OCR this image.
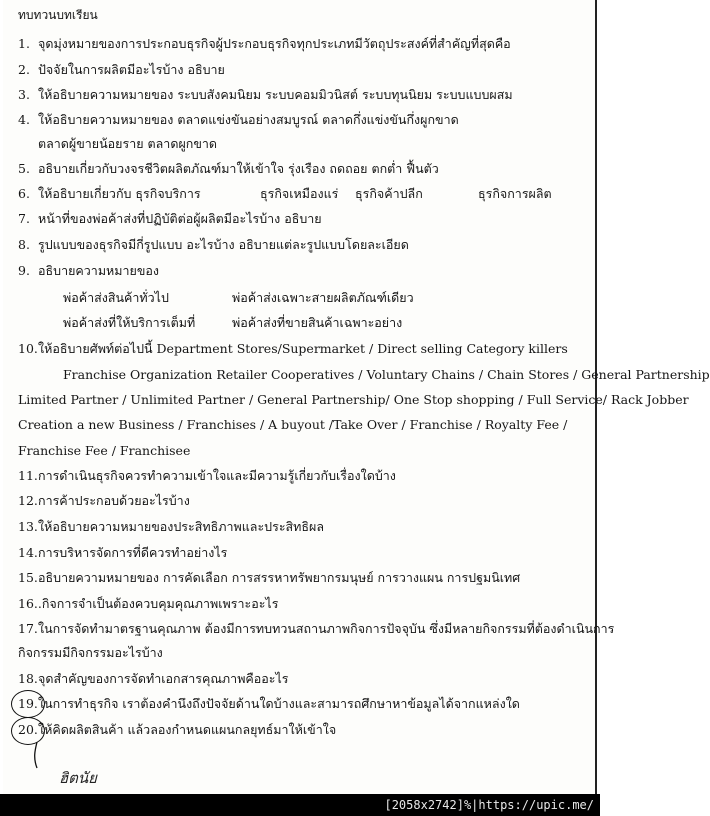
ทบทวนบทเรียน
1. จุดมุ่งหมายของการประกอบธุรกิจผู้ประกอบธุรกิจทุกประเภทมีวัตถุประสงค์ที่สำคัญที่สุดคือ
2. ปัจจัยในการผลิตมีอะไรบ้าง อธิบาย
3. ให้อธิบายความหมายของ ระบบสังคมนิยม ระบบคอมมิวนิสต์ ระบบทุนนิยม ระบบแบบผสม
4. ให้อธิบายความหมายของ ตลาดแข่งขันอย่างสมบูรณ์ ตลาดกึ่งแข่งขันกึ่งผูกขาด
ตลาดผู้ขายน้อยราย ตลาดผูกขาด
5. อธิบายเกี่ยวกับวงจรชีวิตผลิตภัณฑ์มาให้เข้าใจ รุ่งเรือง ถดถอย ตกต่ำ ฟื้นตัว
6. ให้อธิบายเกี่ยวกับ ธุรกิจบริการ	ธุรกิจเหมืองแร่ ธุรกิจค้าปลีก	ธุรกิจการผลิต
7. หน้าที่ของพ่อค้าส่งที่ปฏิบัติต่อผู้ผลิตมีอะไรบ้าง อธิบาย
8. รูปแบบของธุรกิจมีกี่รูปแบบ อะไรบ้าง อธิบายแต่ละรูปแบบโดยละเอียด
9. อธิบายความหมายของ
พ่อค้าส่งสินค้าทั่วไป	พ่อค้าส่งเฉพาะสายผลิตภัณฑ์เดียว
พ่อค้าส่งที่ให้บริการเต็มที่	พ่อค้าส่งที่ขายสินค้าเฉพาะอย่าง
10.ให้อธิบายศัพท์ต่อไปนี้ Department Stores/Supermarket / Direct selling Category killers
Franchise Organization Retailer Cooperatives / Voluntary Chains / Chain Stores / General Partnership
Limited Partner / Unlimited Partner / General Partnership/ One Stop shopping / Full Service/ Rack Jobber
Creation a new Business / Franchises / A buyout /Take Over / Franchise / Royalty Fee /
Franchise Fee / Franchisee
11.การดำเนินธุรกิจควรทำความเข้าใจและมีความรู้เกี่ยวกับเรื่องใดบ้าง
12.การค้าประกอบด้วยอะไรบ้าง
13.ให้อธิบายความหมายของประสิทธิภาพและประสิทธิผล
14.การบริหารจัดการที่ดีควรทำอย่างไร
15.อธิบายความหมายของ การคัดเลือก การสรรหาทรัพยากรมนุษย์ การวางแผน การปฐมนิเทศ
16..กิจการจำเป็นต้องควบคุมคุณภาพเพราะอะไร
17.ในการจัดทำมาตรฐานคุณภาพ ต้องมีการทบทวนสถานภาพกิจการปัจจุบัน ซึ่งมีหลายกิจกรรมที่ต้องดำเนินการ
กิจกรรมมีกิจกรรมอะไรบ้าง
18.จุดสำคัญของการจัดทำเอกสารคุณภาพคืออะไร
19.ในการทำธุรกิจ เราต้องคำนึงถึงปัจจัยด้านใดบ้างและสามารถศึกษาหาข้อมูลได้จากแหล่งใด
20.ให้คิดผลิตสินค้า แล้วลองกำหนดแผนกลยุทธ์มาให้เข้าใจ
ฮิตนัย
[2058x2742]%|https://upic.me/
